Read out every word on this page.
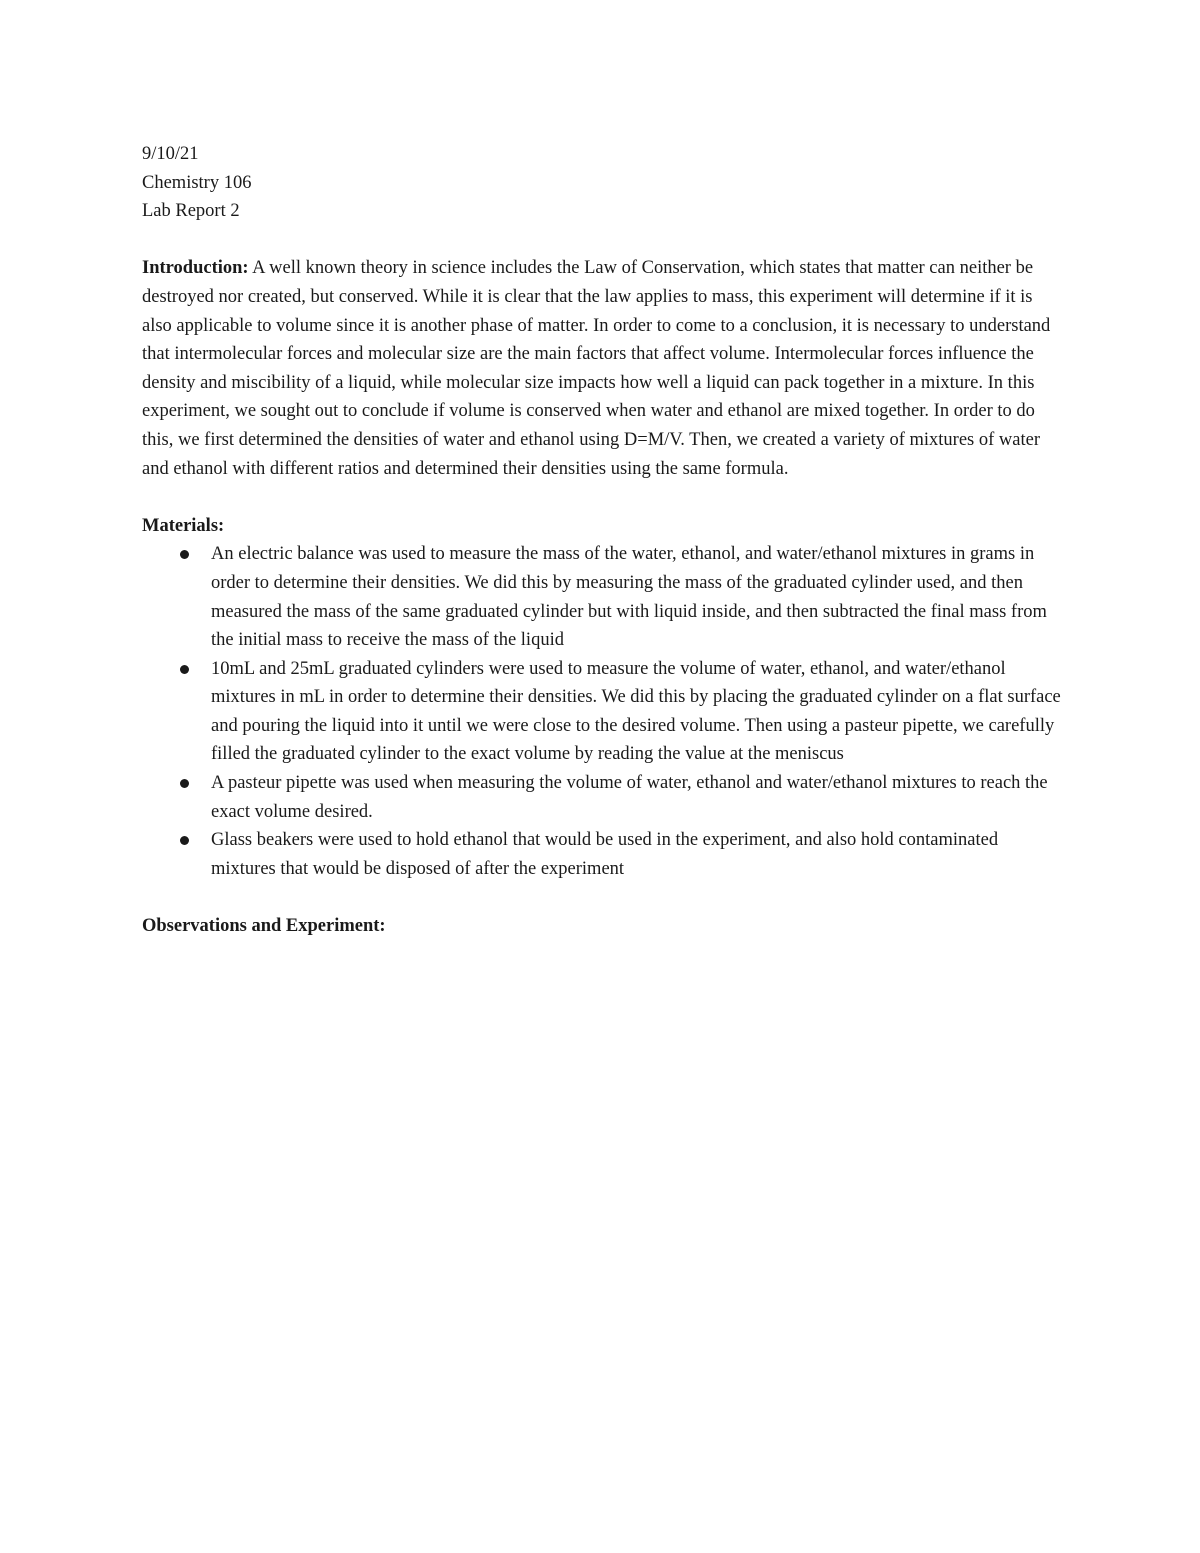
9/10/21
Chemistry 106
Lab Report 2

Introduction: A well known theory in science includes the Law of Conservation, which states that matter can neither be destroyed nor created, but conserved. While it is clear that the law applies to mass, this experiment will determine if it is also applicable to volume since it is another phase of matter. In order to come to a conclusion, it is necessary to understand that intermolecular forces and molecular size are the main factors that affect volume. Intermolecular forces influence the density and miscibility of a liquid, while molecular size impacts how well a liquid can pack together in a mixture. In this experiment, we sought out to conclude if volume is conserved when water and ethanol are mixed together. In order to do this, we first determined the densities of water and ethanol using D=M/V. Then, we created a variety of mixtures of water and ethanol with different ratios and determined their densities using the same formula.

Materials:

An electric balance was used to measure the mass of the water, ethanol, and water/ethanol mixtures in grams in order to determine their densities. We did this by measuring the mass of the graduated cylinder used, and then measured the mass of the same graduated cylinder but with liquid inside, and then subtracted the final mass from the initial mass to receive the mass of the liquid
10mL and 25mL graduated cylinders were used to measure the volume of water, ethanol, and water/ethanol mixtures in mL in order to determine their densities. We did this by placing the graduated cylinder on a flat surface and pouring the liquid into it until we were close to the desired volume. Then using a pasteur pipette, we carefully filled the graduated cylinder to the exact volume by reading the value at the meniscus
A pasteur pipette was used when measuring the volume of water, ethanol and water/ethanol mixtures to reach the exact volume desired.
Glass beakers were used to hold ethanol that would be used in the experiment, and also hold contaminated mixtures that would be disposed of after the experiment

Observations and Experiment:
